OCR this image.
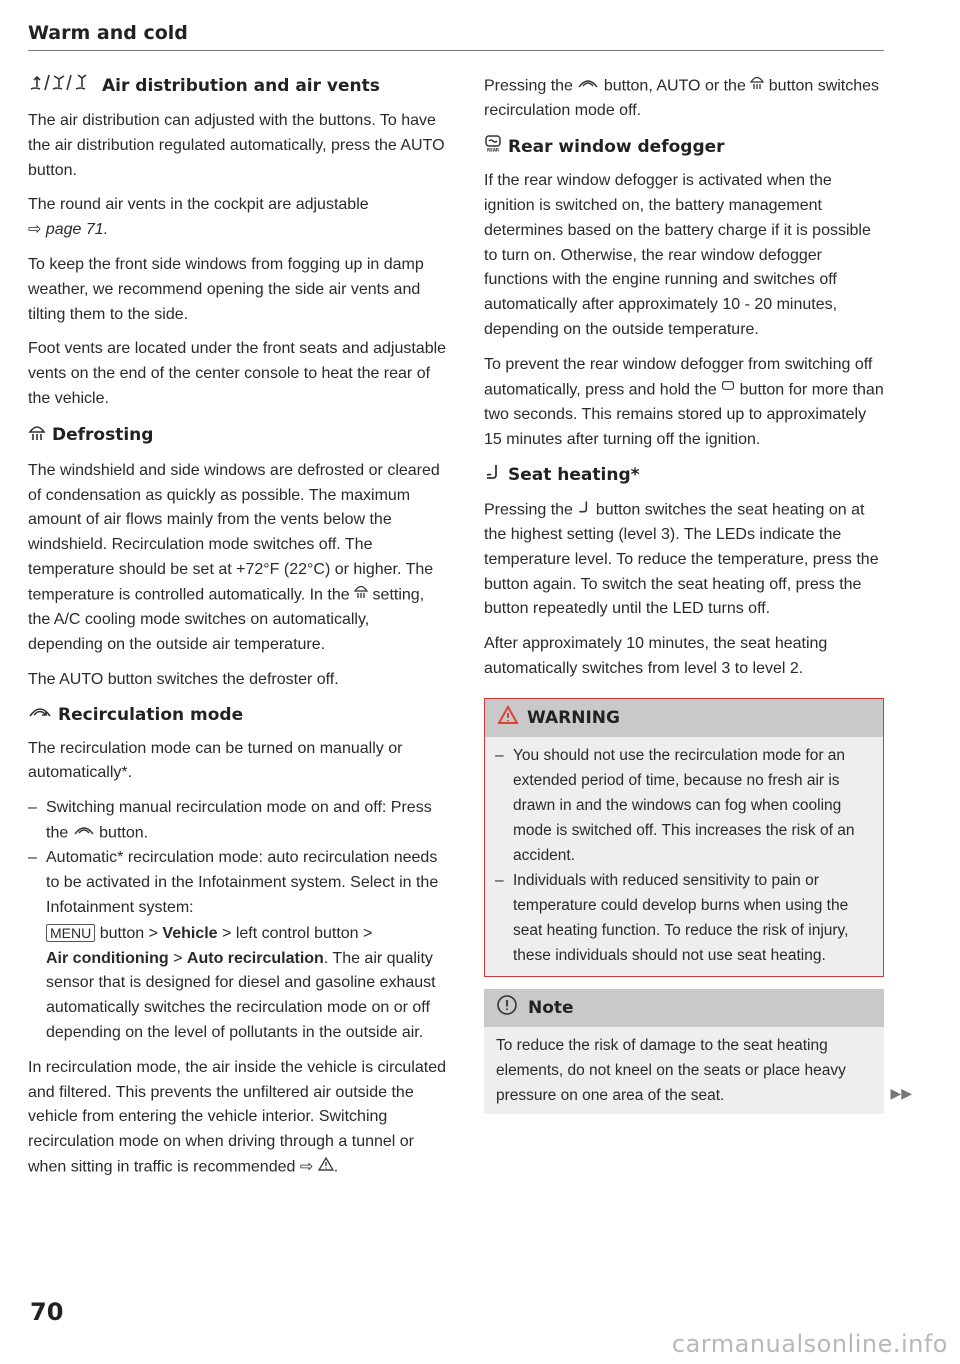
Warm and cold
Air distribution and air vents

The air distribution can adjusted with the buttons. To have the air distribution regulated automatically, press the AUTO button.

The round air vents in the cockpit are adjustable
⇨ page 71.

To keep the front side windows from fogging up in damp weather, we recommend opening the side air vents and tilting them to the side.

Foot vents are located under the front seats and adjustable vents on the end of the center console to heat the rear of the vehicle.

Defrosting

The windshield and side windows are defrosted or cleared of condensation as quickly as possible. The maximum amount of air flows mainly from the vents below the windshield. Recirculation mode switches off. The temperature should be set at +72°F (22°C) or higher. The temperature is controlled automatically. In the setting, the A/C cooling mode switches on automatically, depending on the outside air temperature.

The AUTO button switches the defroster off.

Recirculation mode

The recirculation mode can be turned on manually or automatically*.

– Switching manual recirculation mode on and off: Press the button.
– Automatic* recirculation mode: auto recirculation needs to be activated in the Infotainment system. Select in the Infotainment system:
MENU button > Vehicle > left control button >
Air conditioning > Auto recirculation. The air quality sensor that is designed for diesel and gasoline exhaust automatically switches the recirculation mode on or off depending on the level of pollutants in the outside air.

In recirculation mode, the air inside the vehicle is circulated and filtered. This prevents the unfiltered air outside the vehicle from entering the vehicle interior. Switching recirculation mode on when driving through a tunnel or when sitting in traffic is recommended ⇨ .

Pressing the button, AUTO or the button switches recirculation mode off.

REAR Rear window defogger

If the rear window defogger is activated when the ignition is switched on, the battery management determines based on the battery charge if it is possible to turn on. Otherwise, the rear window defogger functions with the engine running and switches off automatically after approximately 10 - 20 minutes, depending on the outside temperature.

To prevent the rear window defogger from switching off automatically, press and hold the button for more than two seconds. This remains stored up to approximately 15 minutes after turning off the ignition.

Seat heating*

Pressing the button switches the seat heating on at the highest setting (level 3). The LEDs indicate the temperature level. To reduce the temperature, press the button again. To switch the seat heating off, press the button repeatedly until the LED turns off.

After approximately 10 minutes, the seat heating automatically switches from level 3 to level 2.

WARNING
– You should not use the recirculation mode for an extended period of time, because no fresh air is drawn in and the windows can fog when cooling mode is switched off. This increases the risk of an accident.
– Individuals with reduced sensitivity to pain or temperature could develop burns when using the seat heating function. To reduce the risk of injury, these individuals should not use seat heating.
Note
To reduce the risk of damage to the seat heating elements, do not kneel on the seats or place heavy pressure on one area of the seat.	▶▶
70
carmanualsonline.info
